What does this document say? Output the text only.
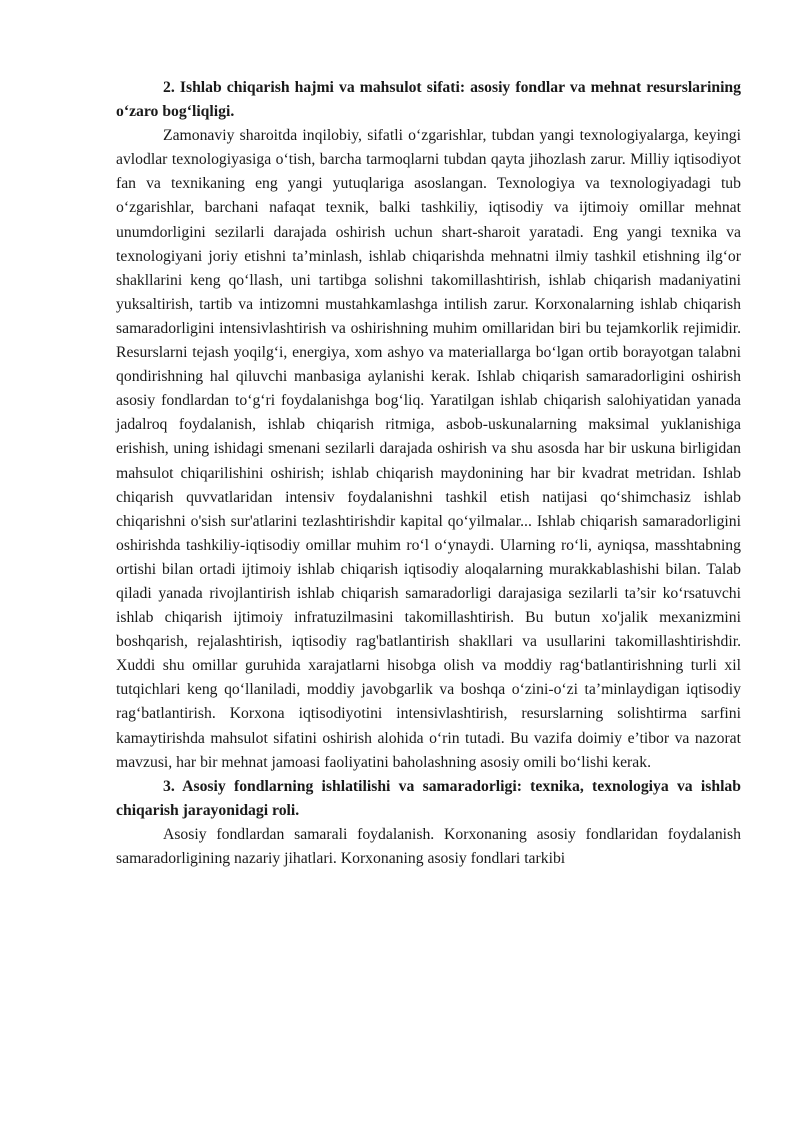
2. Ishlab chiqarish hajmi va mahsulot sifati: asosiy fondlar va mehnat resurslarining o‘zaro bog‘liqligi.

Zamonaviy sharoitda inqilobiy, sifatli o‘zgarishlar, tubdan yangi texnologiyalarga, keyingi avlodlar texnologiyasiga o‘tish, barcha tarmoqlarni tubdan qayta jihozlash zarur. Milliy iqtisodiyot fan va texnikaning eng yangi yutuqlariga asoslangan. Texnologiya va texnologiyadagi tub o‘zgarishlar, barchani nafaqat texnik, balki tashkiliy, iqtisodiy va ijtimoiy omillar mehnat unumdorligini sezilarli darajada oshirish uchun shart-sharoit yaratadi. Eng yangi texnika va texnologiyani joriy etishni ta’minlash, ishlab chiqarishda mehnatni ilmiy tashkil etishning ilg‘or shakllarini keng qo‘llash, uni tartibga solishni takomillashtirish, ishlab chiqarish madaniyatini yuksaltirish, tartib va intizomni mustahkamlashga intilish zarur. Korxonalarning ishlab chiqarish samaradorligini intensivlashtirish va oshirishning muhim omillaridan biri bu tejamkorlik rejimidir. Resurslarni tejash yoqilg‘i, energiya, xom ashyo va materiallarga bo‘lgan ortib borayotgan talabni qondirishning hal qiluvchi manbasiga aylanishi kerak. Ishlab chiqarish samaradorligini oshirish asosiy fondlardan to‘g‘ri foydalanishga bog‘liq. Yaratilgan ishlab chiqarish salohiyatidan yanada jadalroq foydalanish, ishlab chiqarish ritmiga, asbob-uskunalarning maksimal yuklanishiga erishish, uning ishidagi smenani sezilarli darajada oshirish va shu asosda har bir uskuna birligidan mahsulot chiqarilishini oshirish; ishlab chiqarish maydonining har bir kvadrat metridan. Ishlab chiqarish quvvatlaridan intensiv foydalanishni tashkil etish natijasi qo‘shimchasiz ishlab chiqarishni o'sish sur'atlarini tezlashtirishdir kapital qo‘yilmalar... Ishlab chiqarish samaradorligini oshirishda tashkiliy-iqtisodiy omillar muhim ro‘l o‘ynaydi. Ularning ro‘li, ayniqsa, masshtabning ortishi bilan ortadi ijtimoiy ishlab chiqarish iqtisodiy aloqalarning murakkablashishi bilan. Talab qiladi yanada rivojlantirish ishlab chiqarish samaradorligi darajasiga sezilarli ta’sir ko‘rsatuvchi ishlab chiqarish ijtimoiy infratuzilmasini takomillashtirish. Bu butun xo'jalik mexanizmini boshqarish, rejalashtirish, iqtisodiy rag'batlantirish shakllari va usullarini takomillashtirishdir. Xuddi shu omillar guruhida xarajatlarni hisobga olish va moddiy rag‘batlantirishning turli xil tutqichlari keng qo‘llaniladi, moddiy javobgarlik va boshqa o‘zini-o‘zi ta’minlaydigan iqtisodiy rag‘batlantirish. Korxona iqtisodiyotini intensivlashtirish, resurslarning solishtirma sarfini kamaytirishda mahsulot sifatini oshirish alohida o‘rin tutadi. Bu vazifa doimiy e’tibor va nazorat mavzusi, har bir mehnat jamoasi faoliyatini baholashning asosiy omili bo‘lishi kerak.

3. Asosiy fondlarning ishlatilishi va samaradorligi: texnika, texnologiya va ishlab chiqarish jarayonidagi roli.

Asosiy fondlardan samarali foydalanish. Korxonaning asosiy fondlaridan foydalanish samaradorligining nazariy jihatlari. Korxonaning asosiy fondlari tarkibi
